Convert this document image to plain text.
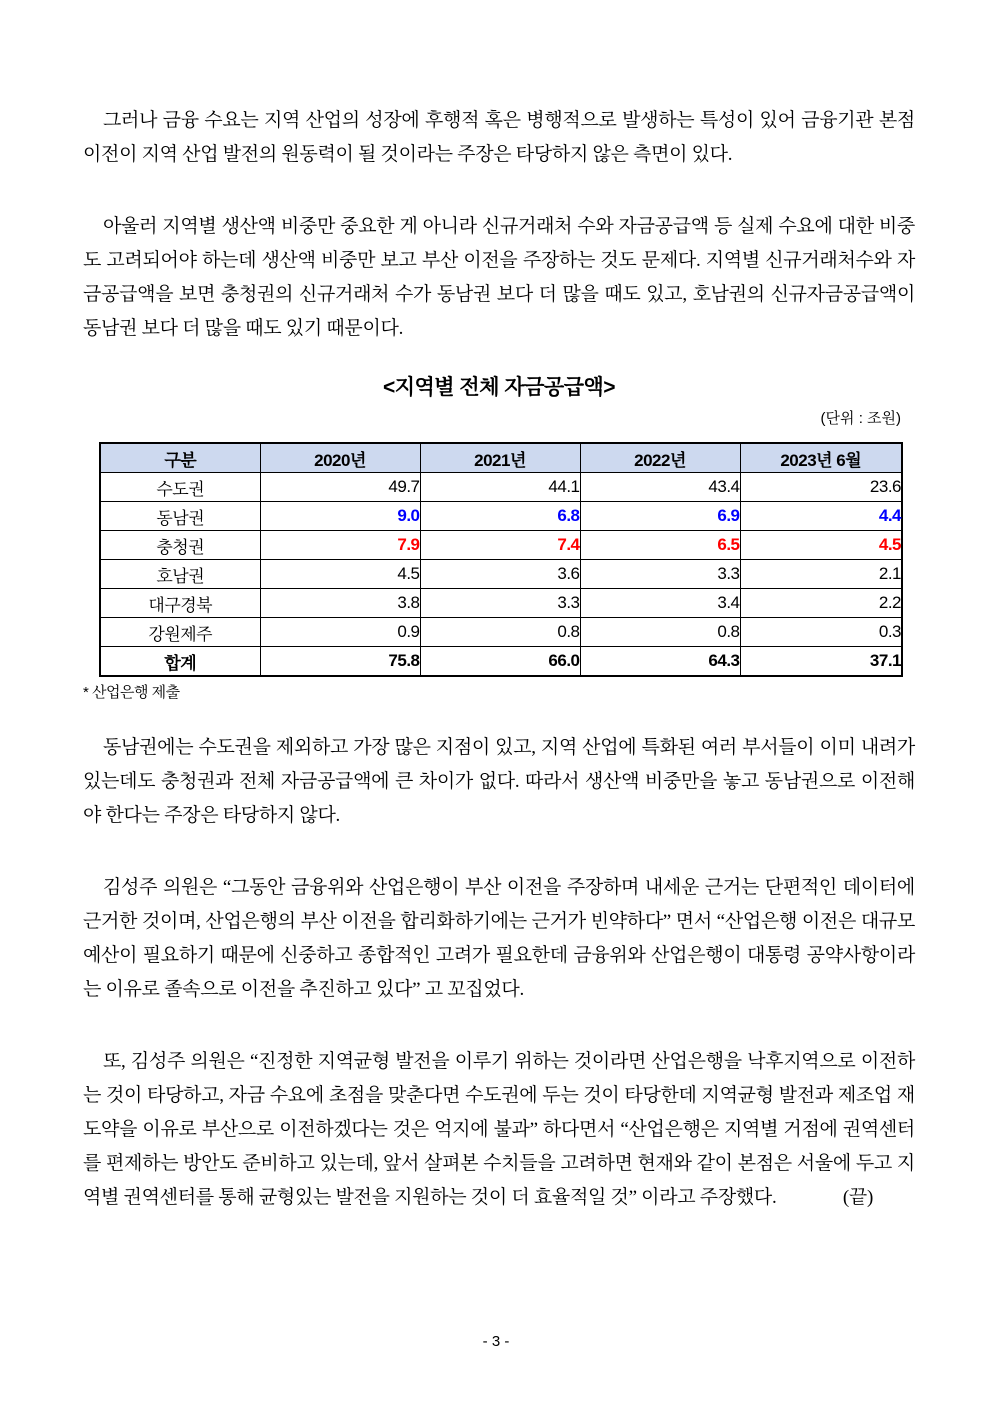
그러나 금융 수요는 지역 산업의 성장에 후행적 혹은 병행적으로 발생하는 특성이 있어 금융기관 본점 이전이 지역 산업 발전의 원동력이 될 것이라는 주장은 타당하지 않은 측면이 있다.

아울러 지역별 생산액 비중만 중요한 게 아니라 신규거래처 수와 자금공급액 등 실제 수요에 대한 비중도 고려되어야 하는데 생산액 비중만 보고 부산 이전을 주장하는 것도 문제다. 지역별 신규거래처수와 자금공급액을 보면 충청권의 신규거래처 수가 동남권 보다 더 많을 때도 있고, 호남권의 신규자금공급액이 동남권 보다 더 많을 때도 있기 때문이다.

<지역별 전체 자금공급액>
(단위 : 조원)
구분	2020년	2021년	2022년	2023년 6월
수도권	49.7	44.1	43.4	23.6
동남권	9.0	6.8	6.9	4.4
충청권	7.9	7.4	6.5	4.5
호남권	4.5	3.6	3.3	2.1
대구경북	3.8	3.3	3.4	2.2
강원제주	0.9	0.8	0.8	0.3
합계	75.8	66.0	64.3	37.1
* 산업은행 제출

동남권에는 수도권을 제외하고 가장 많은 지점이 있고, 지역 산업에 특화된 여러 부서들이 이미 내려가 있는데도 충청권과 전체 자금공급액에 큰 차이가 없다. 따라서 생산액 비중만을 놓고 동남권으로 이전해야 한다는 주장은 타당하지 않다.

김성주 의원은 “그동안 금융위와 산업은행이 부산 이전을 주장하며 내세운 근거는 단편적인 데이터에 근거한 것이며, 산업은행의 부산 이전을 합리화하기에는 근거가 빈약하다” 면서 “산업은행 이전은 대규모 예산이 필요하기 때문에 신중하고 종합적인 고려가 필요한데 금융위와 산업은행이 대통령 공약사항이라는 이유로 졸속으로 이전을 추진하고 있다” 고 꼬집었다.

또, 김성주 의원은 “진정한 지역균형 발전을 이루기 위하는 것이라면 산업은행을 낙후지역으로 이전하는 것이 타당하고, 자금 수요에 초점을 맞춘다면 수도권에 두는 것이 타당한데 지역균형 발전과 제조업 재도약을 이유로 부산으로 이전하겠다는 것은 억지에 불과” 하다면서 “산업은행은 지역별 거점에 권역센터를 편제하는 방안도 준비하고 있는데, 앞서 살펴본 수치들을 고려하면 현재와 같이 본점은 서울에 두고 지역별 권역센터를 통해 균형있는 발전을 지원하는 것이 더 효율적일 것” 이라고 주장했다.	(끝)

- 3 -
